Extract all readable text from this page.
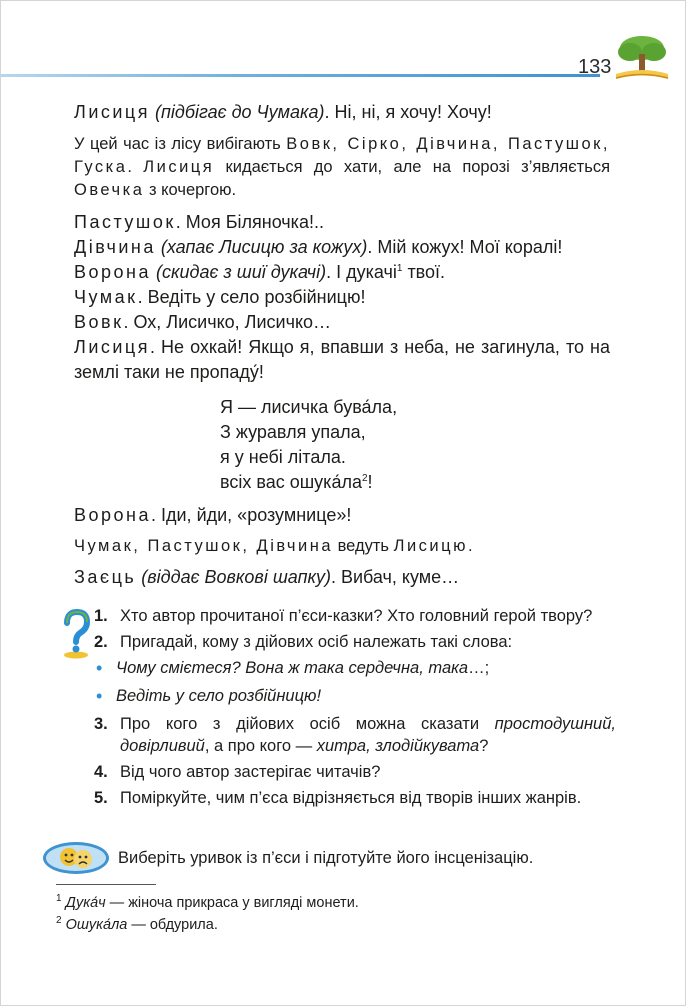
133

Лисиця (підбігає до Чумака). Ні, ні, я хочу! Хочу!

У цей час із лісу вибігають Вовк, Сірко, Дівчина, Пастушок, Гуска. Лисиця кидається до хати, але на порозі з’являється Овечка з кочергою.

Пастушок. Моя Біляночка!..

Дівчина (хапає Лисицю за кожух). Мій кожух! Мої коралі!

Ворона (скидає з шиї дукачі). І дукачі$^1$ твої.

Чумак. Ведіть у село розбійницю!

Вовк. Ох, Лисичко, Лисичко…

Лисиця. Не охкай! Якщо я, впавши з неба, не загинула, то на землі таки не пропаду́!

Я — лисичка бува́ла,
З журавля упала,
я у небі літала.
всіх вас $ошука́ла^2$!

Ворона. Іди, йди, «розумнице»!

Чумак, Пастушок, Дівчина ведуть Лисицю.

Заєць (віддає Вовкові шапку). Вибач, куме…

1. Хто автор прочитаної п’єси-казки? Хто головний герой твору?
2. Пригадай, кому з дійових осіб належать такі слова:
• Чому смієтеся? Вона ж така сердечна, така…;
• Ведіть у село розбійницю!
3. Про кого з дійових осіб можна сказати простодушний, довірливий, а про кого — хитра, злодійкувата?
4. Від чого автор застерігає читачів?
5. Поміркуйте, чим п’єса відрізняється від творів інших жанрів.
Виберіть уривок із п’єси і підготуйте його інсценізацію.
$^1$ Дука́ч — жіноча прикраса у вигляді монети.
$^2$ Ошука́ла — обдурила.
